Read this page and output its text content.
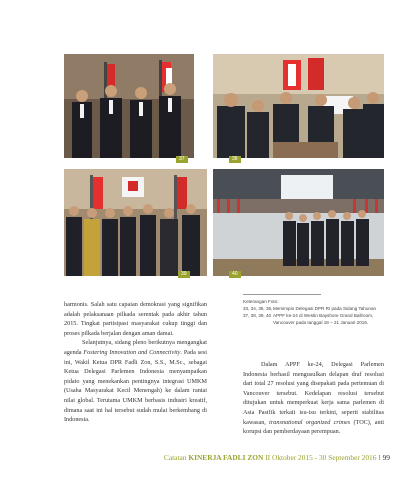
37	38
39	40

harmonis. Salah satu capaian demokrasi yang signifikan adalah pelaksanaan pilkada serentak pada akhir tahun 2015. Tingkat partisipasi masyarakat cukup tinggi dan proses pilkada berjalan dengan aman damai.

Selanjutnya, sidang pleno berikutnya mengangkat agenda Fostering Innovation and Connectivity. Pada sesi ini, Wakil Ketua DPR Fadli Zon, S.S., M.Sc., sebagai Ketua Delegasi Parlemen Indonesia menyampaikan pidato yang menekankan pentingnya integrasi UMKM (Usaha Masyarakat Kecil Menengah) ke dalam rantai nilai global. Terutama UMKM berbasis industri kreatif, dimana saat ini hal tersebut sudah mulai berkembang di Indonesia.

Keterangan Foto:
33, 34, 35, 36, 37, 38, 39, 40
Memimpin Delegasi DPR RI pada Sidang Tahunan APPF ke-24 di Westin Bayshore Grand Ballroom, Vancouver pada tanggal 18 – 21 Januari 2016.

Dalam APPF ke-24, Delegasi Parlemen Indonesia berhasil mengusulkan delapan draf resolusi dari total 27 resolusi yang disepakati pada pertemuan di Vancouver tersebut. Kedelapan resolusi tersebut ditujukan untuk memperkuat kerja sama parlemen di Asia Pasifik terkait isu-isu terkini, seperti stabilitas kawasan, transnational organized crimes (TOC), anti korupsi dan pemberdayaan perempuan.

Catatan KINERJA FADLI ZON II Oktober 2015 - 30 September 2016 I 99
